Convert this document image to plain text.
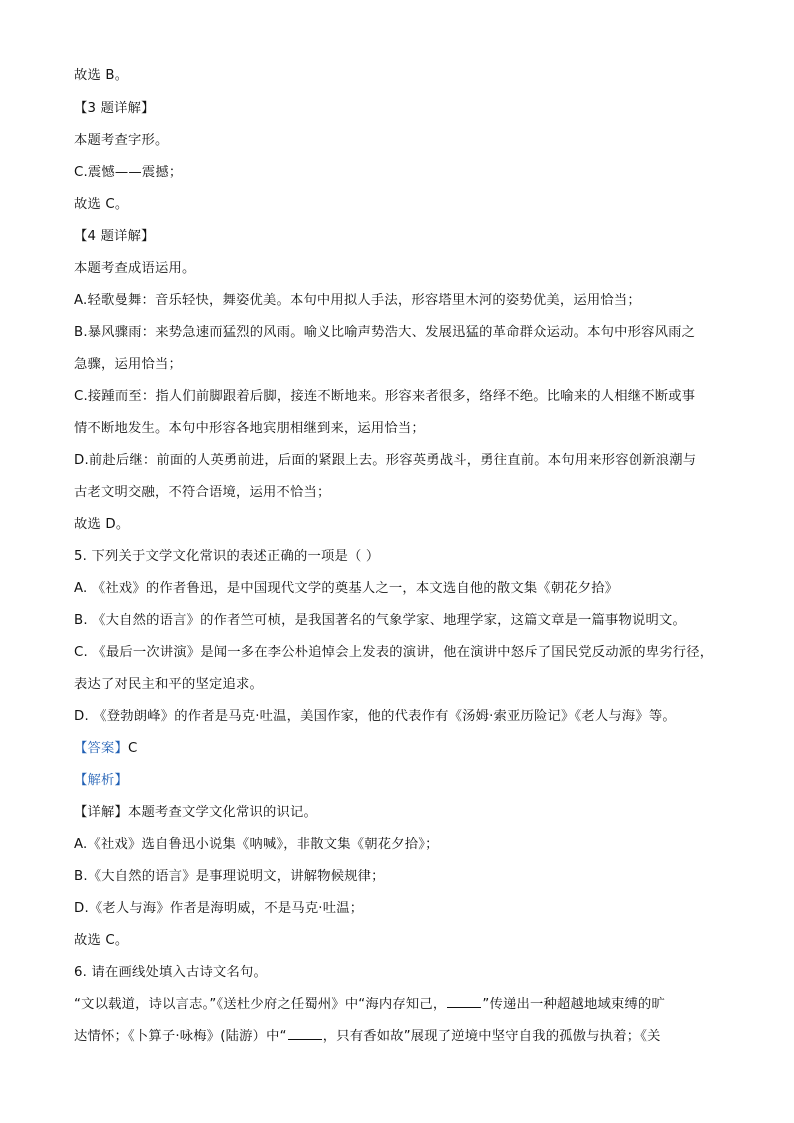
故选 B。
【3 题详解】
本题考查字形。
C.震憾——震撼；
故选 C。
【4 题详解】
本题考查成语运用。
A.轻歌曼舞：音乐轻快，舞姿优美。本句中用拟人手法，形容塔里木河的姿势优美，运用恰当；
B.暴风骤雨：来势急速而猛烈的风雨。喻义比喻声势浩大、发展迅猛的革命群众运动。本句中形容风雨之
急骤，运用恰当；
C.接踵而至：指人们前脚跟着后脚，接连不断地来。形容来者很多，络绎不绝。比喻来的人相继不断或事
情不断地发生。本句中形容各地宾朋相继到来，运用恰当；
D.前赴后继：前面的人英勇前进，后面的紧跟上去。形容英勇战斗，勇往直前。本句用来形容创新浪潮与
古老文明交融，不符合语境，运用不恰当；
故选 D。
5. 下列关于文学文化常识的表述正确的一项是（ ）
A. 《社戏》的作者鲁迅，是中国现代文学的奠基人之一，本文选自他的散文集《朝花夕拾》
B. 《大自然的语言》的作者竺可桢，是我国著名的气象学家、地理学家，这篇文章是一篇事物说明文。
C. 《最后一次讲演》是闻一多在李公朴追悼会上发表的演讲，他在演讲中怒斥了国民党反动派的卑劣行径，
表达了对民主和平的坚定追求。
D. 《登勃朗峰》的作者是马克·吐温，美国作家，他的代表作有《汤姆·索亚历险记》《老人与海》等。
【答案】C
【解析】
【详解】本题考查文学文化常识的识记。
A.《社戏》选自鲁迅小说集《呐喊》，非散文集《朝花夕拾》；
B.《大自然的语言》是事理说明文，讲解物候规律；
D.《老人与海》作者是海明威，不是马克·吐温；
故选 C。
6. 请在画线处填入古诗文名句。
“文以载道，诗以言志。”《送杜少府之任蜀州》中“海内存知己，	”传递出一种超越地域束缚的旷
达情怀；《卜算子·咏梅》(陆游）中“	，只有香如故”展现了逆境中坚守自我的孤傲与执着；《关
